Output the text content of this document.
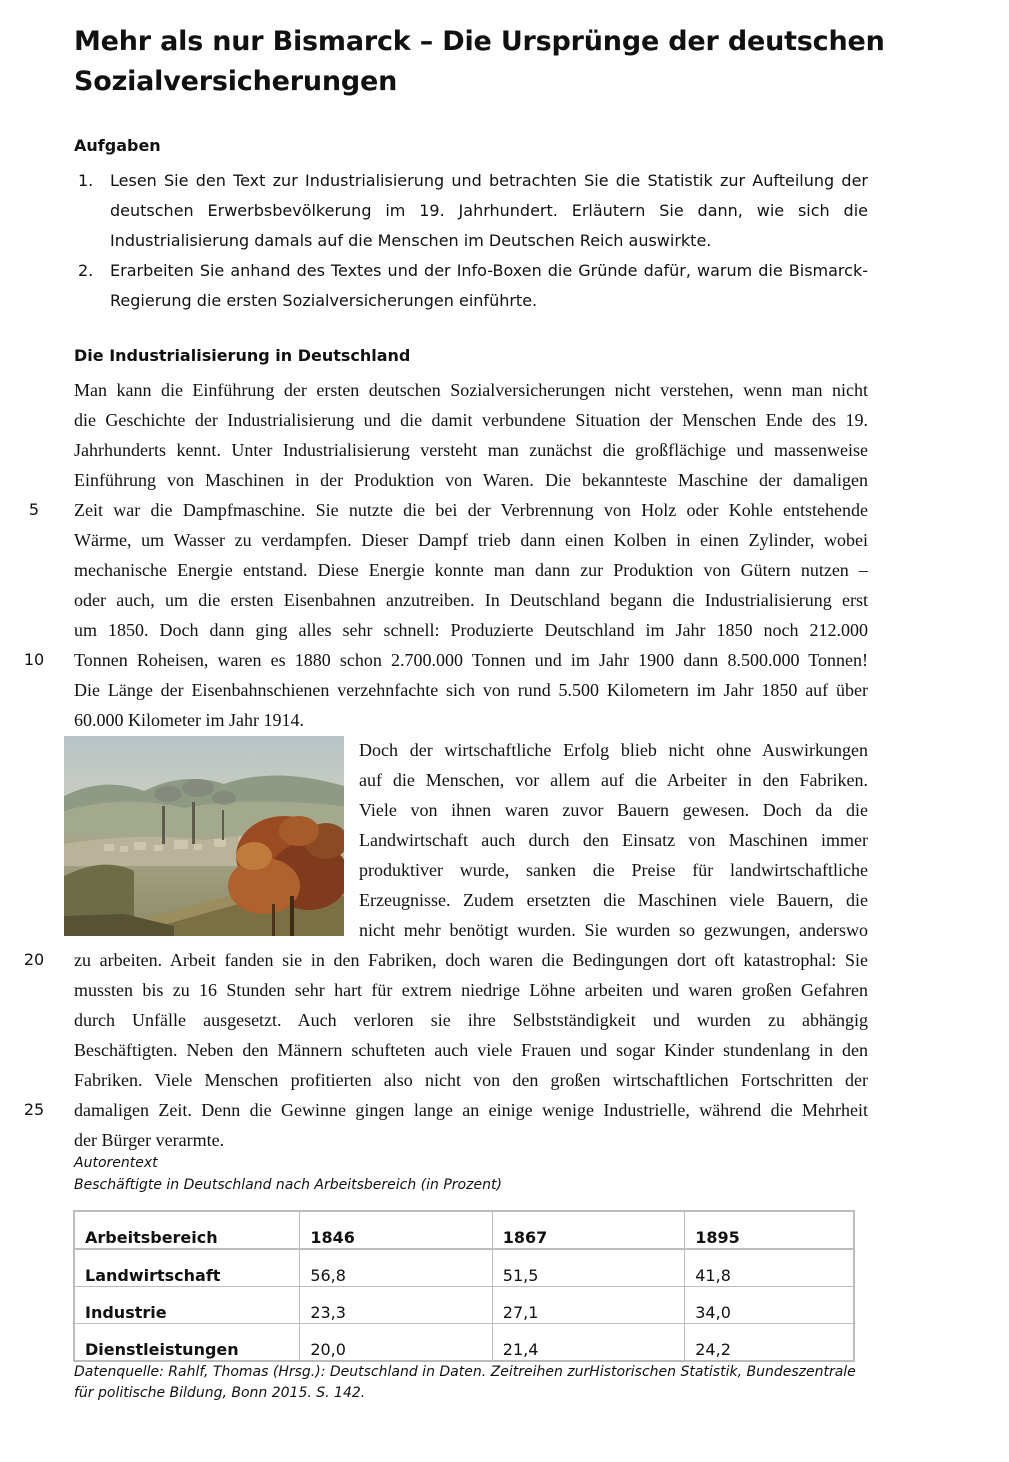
Mehr als nur Bismarck – Die Ursprünge der deutschen Sozialversicherungen
Aufgaben
1. Lesen Sie den Text zur Industrialisierung und betrachten Sie die Statistik zur Aufteilung der deutschen Erwerbsbevölkerung im 19. Jahrhundert. Erläutern Sie dann, wie sich die Industrialisierung damals auf die Menschen im Deutschen Reich auswirkte.
2. Erarbeiten Sie anhand des Textes und der Info-Boxen die Gründe dafür, warum die Bismarck-Regierung die ersten Sozialversicherungen einführte.
Die Industrialisierung in Deutschland
Man kann die Einführung der ersten deutschen Sozialversicherungen nicht verstehen, wenn man nicht
die Geschichte der Industrialisierung und die damit verbundene Situation der Menschen Ende des 19.
Jahrhunderts kennt. Unter Industrialisierung versteht man zunächst die großflächige und massenweise
Einführung von Maschinen in der Produktion von Waren. Die bekannteste Maschine der damaligen
Zeit war die Dampfmaschine. Sie nutzte die bei der Verbrennung von Holz oder Kohle entstehende
Wärme, um Wasser zu verdampfen. Dieser Dampf trieb dann einen Kolben in einen Zylinder, wobei
mechanische Energie entstand. Diese Energie konnte man dann zur Produktion von Gütern nutzen –
oder auch, um die ersten Eisenbahnen anzutreiben. In Deutschland begann die Industrialisierung erst
um 1850. Doch dann ging alles sehr schnell: Produzierte Deutschland im Jahr 1850 noch 212.000
Tonnen Roheisen, waren es 1880 schon 2.700.000 Tonnen und im Jahr 1900 dann 8.500.000 Tonnen!
Die Länge der Eisenbahnschienen verzehnfachte sich von rund 5.500 Kilometern im Jahr 1850 auf über
60.000 Kilometer im Jahr 1914.
Doch der wirtschaftliche Erfolg blieb nicht ohne Auswirkungen
auf die Menschen, vor allem auf die Arbeiter in den Fabriken.
Viele von ihnen waren zuvor Bauern gewesen. Doch da die
Landwirtschaft auch durch den Einsatz von Maschinen immer
produktiver wurde, sanken die Preise für landwirtschaftliche
Erzeugnisse. Zudem ersetzten die Maschinen viele Bauern, die
nicht mehr benötigt wurden. Sie wurden so gezwungen, anderswo
zu arbeiten. Arbeit fanden sie in den Fabriken, doch waren die Bedingungen dort oft katastrophal: Sie
mussten bis zu 16 Stunden sehr hart für extrem niedrige Löhne arbeiten und waren großen Gefahren
durch Unfälle ausgesetzt. Auch verloren sie ihre Selbstständigkeit und wurden zu abhängig
Beschäftigten. Neben den Männern schufteten auch viele Frauen und sogar Kinder stundenlang in den
Fabriken. Viele Menschen profitierten also nicht von den großen wirtschaftlichen Fortschritten der
damaligen Zeit. Denn die Gewinne gingen lange an einige wenige Industrielle, während die Mehrheit
der Bürger verarmte.
5
10
20
25
Autorentext
Beschäftigte in Deutschland nach Arbeitsbereich (in Prozent)
Arbeitsbereich	1846	1867	1895
Landwirtschaft	56,8	51,5	41,8
Industrie	23,3	27,1	34,0
Dienstleistungen	20,0	21,4	24,2
Datenquelle: Rahlf, Thomas (Hrsg.): Deutschland in Daten. Zeitreihen zurHistorischen Statistik, Bundeszentrale für politische Bildung, Bonn 2015. S. 142.
